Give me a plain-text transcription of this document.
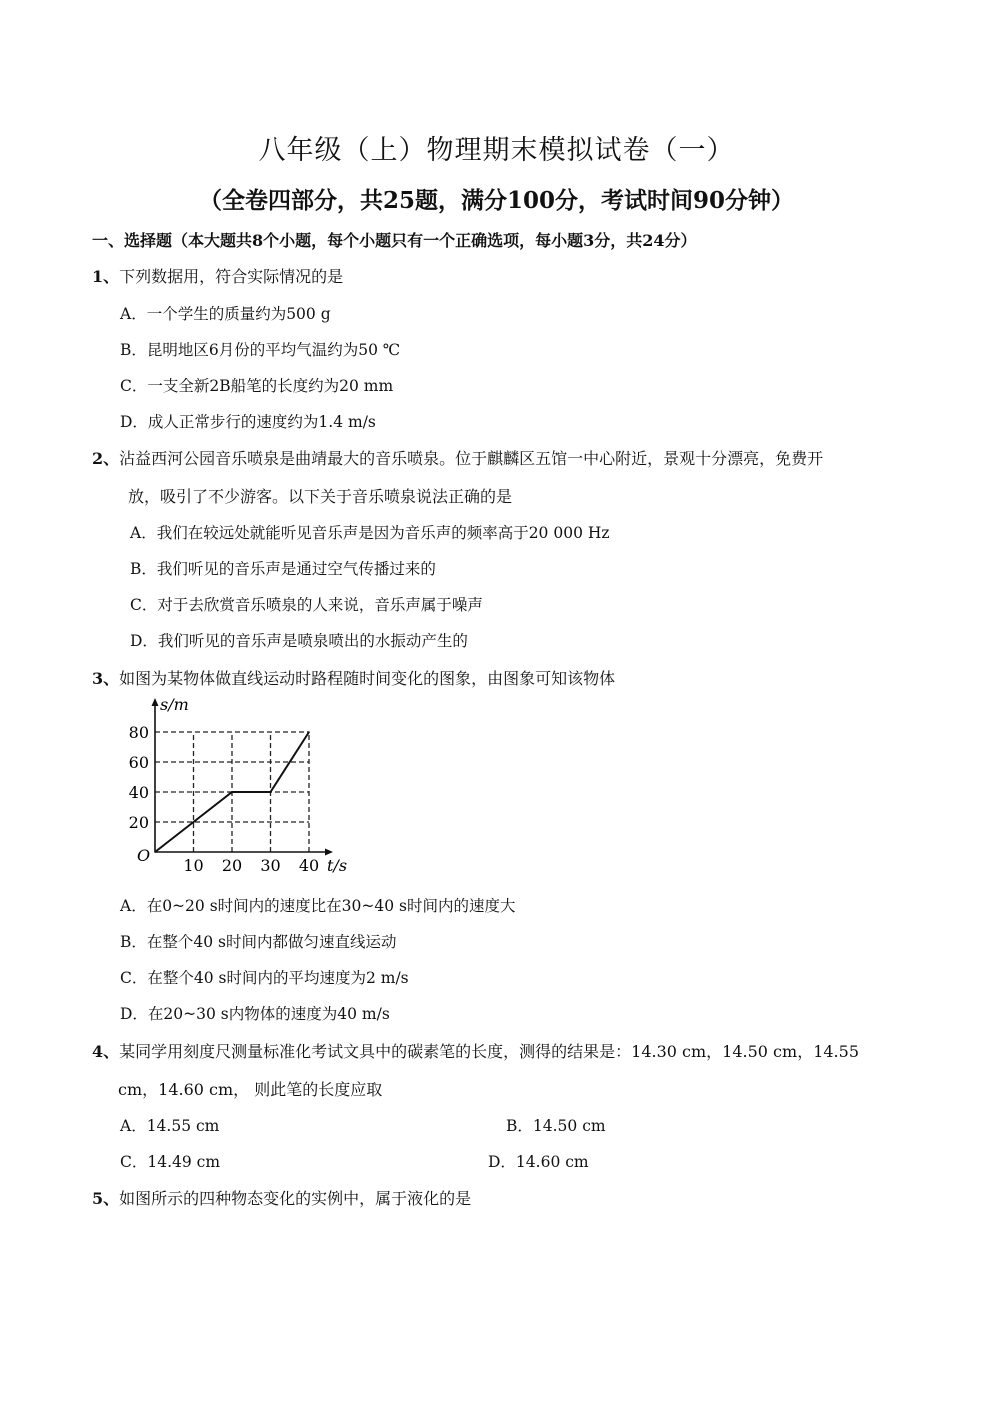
八年级（上）物理期末模拟试卷（一）
（全卷四部分，共25题，满分100分，考试时间90分钟）
一、选择题（本大题共8个小题，每个小题只有一个正确选项，每小题3分，共24分）
1、下列数据用，符合实际情况的是
A．一个学生的质量约为500 g
B．昆明地区6月份的平均气温约为50 ℃
C．一支全新2B船笔的长度约为20 mm
D．成人正常步行的速度约为1.4 m/s
2、沾益西河公园音乐喷泉是曲靖最大的音乐喷泉。位于麒麟区五馆一中心附近，景观十分漂亮，免费开
放，吸引了不少游客。以下关于音乐喷泉说法正确的是
A．我们在较远处就能听见音乐声是因为音乐声的频率高于20 000 Hz
B．我们听见的音乐声是通过空气传播过来的
C．对于去欣赏音乐喷泉的人来说，音乐声属于噪声
D．我们听见的音乐声是喷泉喷出的水振动产生的
3、如图为某物体做直线运动时路程随时间变化的图象，由图象可知该物体
10 20 30 40
20
40
60
80
O
s/m
t/s
A．在0~20 s时间内的速度比在30~40 s时间内的速度大
B．在整个40 s时间内都做匀速直线运动
C．在整个40 s时间内的平均速度为2 m/s
D．在20~30 s内物体的速度为40 m/s
4、某同学用刻度尺测量标准化考试文具中的碳素笔的长度，测得的结果是：14.30 cm，14.50 cm，14.55
cm，14.60 cm， 则此笔的长度应取
A．14.55 cm	B．14.50 cm
C．14.49 cm	D．14.60 cm
5、如图所示的四种物态变化的实例中，属于液化的是
